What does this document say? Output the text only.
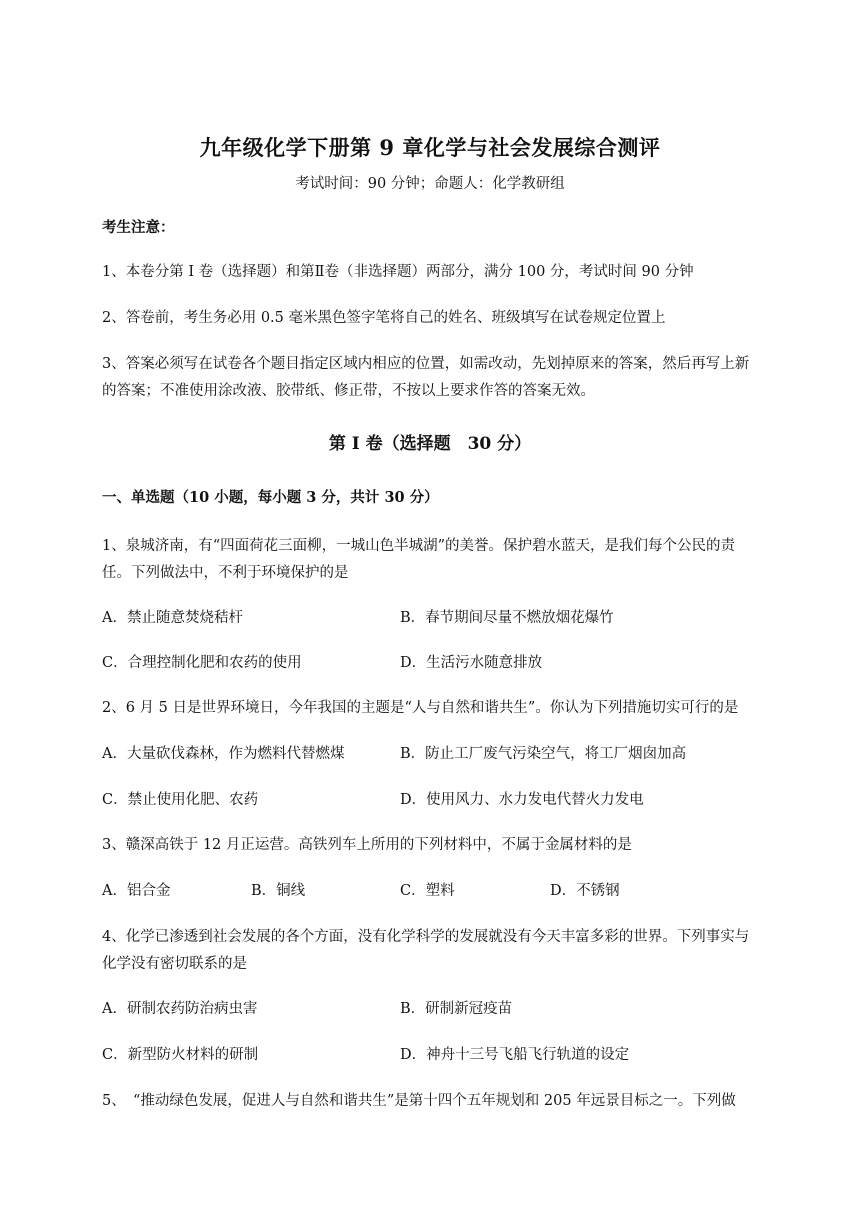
九年级化学下册第 9 章化学与社会发展综合测评
考试时间：90 分钟；命题人：化学教研组
考生注意：
1、本卷分第 I 卷（选择题）和第Ⅱ卷（非选择题）两部分，满分 100 分，考试时间 90 分钟
2、答卷前，考生务必用 0.5 毫米黑色签字笔将自己的姓名、班级填写在试卷规定位置上
3、答案必须写在试卷各个题目指定区域内相应的位置，如需改动，先划掉原来的答案，然后再写上新
的答案；不准使用涂改液、胶带纸、修正带，不按以上要求作答的答案无效。
第 I 卷（选择题　30 分）
一、单选题（10 小题，每小题 3 分，共计 30 分）
1、泉城济南，有“四面荷花三面柳，一城山色半城湖”的美誉。保护碧水蓝天，是我们每个公民的责
任。下列做法中，不利于环境保护的是
A．禁止随意焚烧秸杆	B．春节期间尽量不燃放烟花爆竹
C．合理控制化肥和农药的使用	D．生活污水随意排放
2、6 月 5 日是世界环境日，今年我国的主题是“人与自然和谐共生”。你认为下列措施切实可行的是
A．大量砍伐森林，作为燃料代替燃煤	B．防止工厂废气污染空气，将工厂烟囱加高
C．禁止使用化肥、农药	D．使用风力、水力发电代替火力发电
3、赣深高铁于 12 月正运营。高铁列车上所用的下列材料中，不属于金属材料的是
A．铝合金	B．铜线	C．塑料	D．不锈钢
4、化学已渗透到社会发展的各个方面，没有化学科学的发展就没有今天丰富多彩的世界。下列事实与
化学没有密切联系的是
A．研制农药防治病虫害	B．研制新冠疫苗
C．新型防火材料的研制	D．神舟十三号飞船飞行轨道的设定
5、　“推动绿色发展，促进人与自然和谐共生”是第十四个五年规划和 205 年远景目标之一。下列做
